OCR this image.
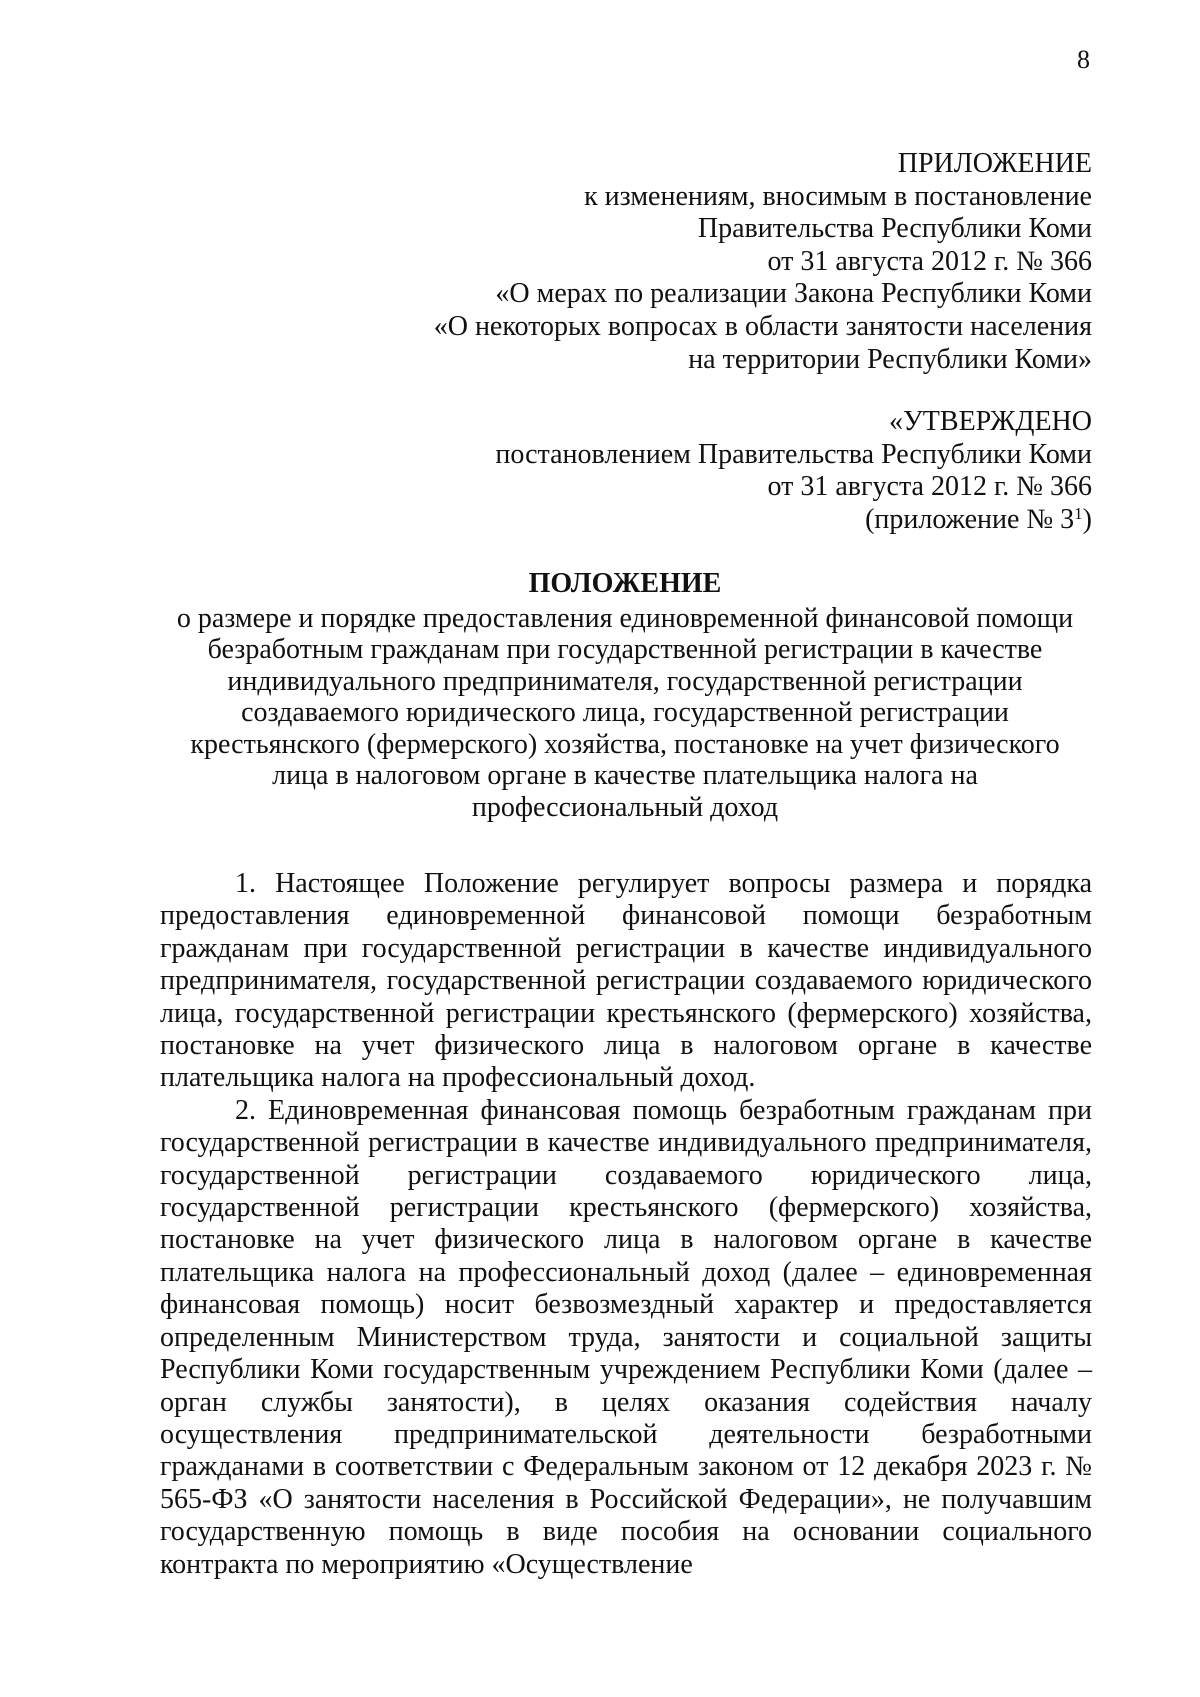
8
ПРИЛОЖЕНИЕ
к изменениям, вносимым в постановление
Правительства Республики Коми
от 31 августа 2012 г. № 366
«О мерах по реализации Закона Республики Коми
«О некоторых вопросах в области занятости населения
на территории Республики Коми»
«УТВЕРЖДЕНО
постановлением Правительства Республики Коми
от 31 августа 2012 г. № 366
(приложение № $3^1$)
ПОЛОЖЕНИЕ
о размере и порядке предоставления единовременной финансовой помощи
безработным гражданам при государственной регистрации в качестве
индивидуального предпринимателя, государственной регистрации
создаваемого юридического лица, государственной регистрации
крестьянского (фермерского) хозяйства, постановке на учет физического
лица в налоговом органе в качестве плательщика налога на
профессиональный доход

1. Настоящее Положение регулирует вопросы размера и порядка предоставления единовременной финансовой помощи безработным гражданам при государственной регистрации в качестве индивидуального предпринимателя, государственной регистрации создаваемого юридического лица, государственной регистрации крестьянского (фермерского) хозяйства, постановке на учет физического лица в налоговом органе в качестве плательщика налога на профессиональный доход.

2. Единовременная финансовая помощь безработным гражданам при государственной регистрации в качестве индивидуального предпринимателя, государственной регистрации создаваемого юридического лица, государственной регистрации крестьянского (фермерского) хозяйства, постановке на учет физического лица в налоговом органе в качестве плательщика налога на профессиональный доход (далее – единовременная финансовая помощь) носит безвозмездный характер и предоставляется определенным Министерством труда, занятости и социальной защиты Республики Коми государственным учреждением Республики Коми (далее – орган службы занятости), в целях оказания содействия началу осуществления предпринимательской деятельности безработными гражданами в соответствии с Федеральным законом от 12 декабря 2023 г. № 565-ФЗ «О занятости населения в Российской Федерации», не получавшим государственную помощь в виде пособия на основании социального контракта по мероприятию «Осуществление
